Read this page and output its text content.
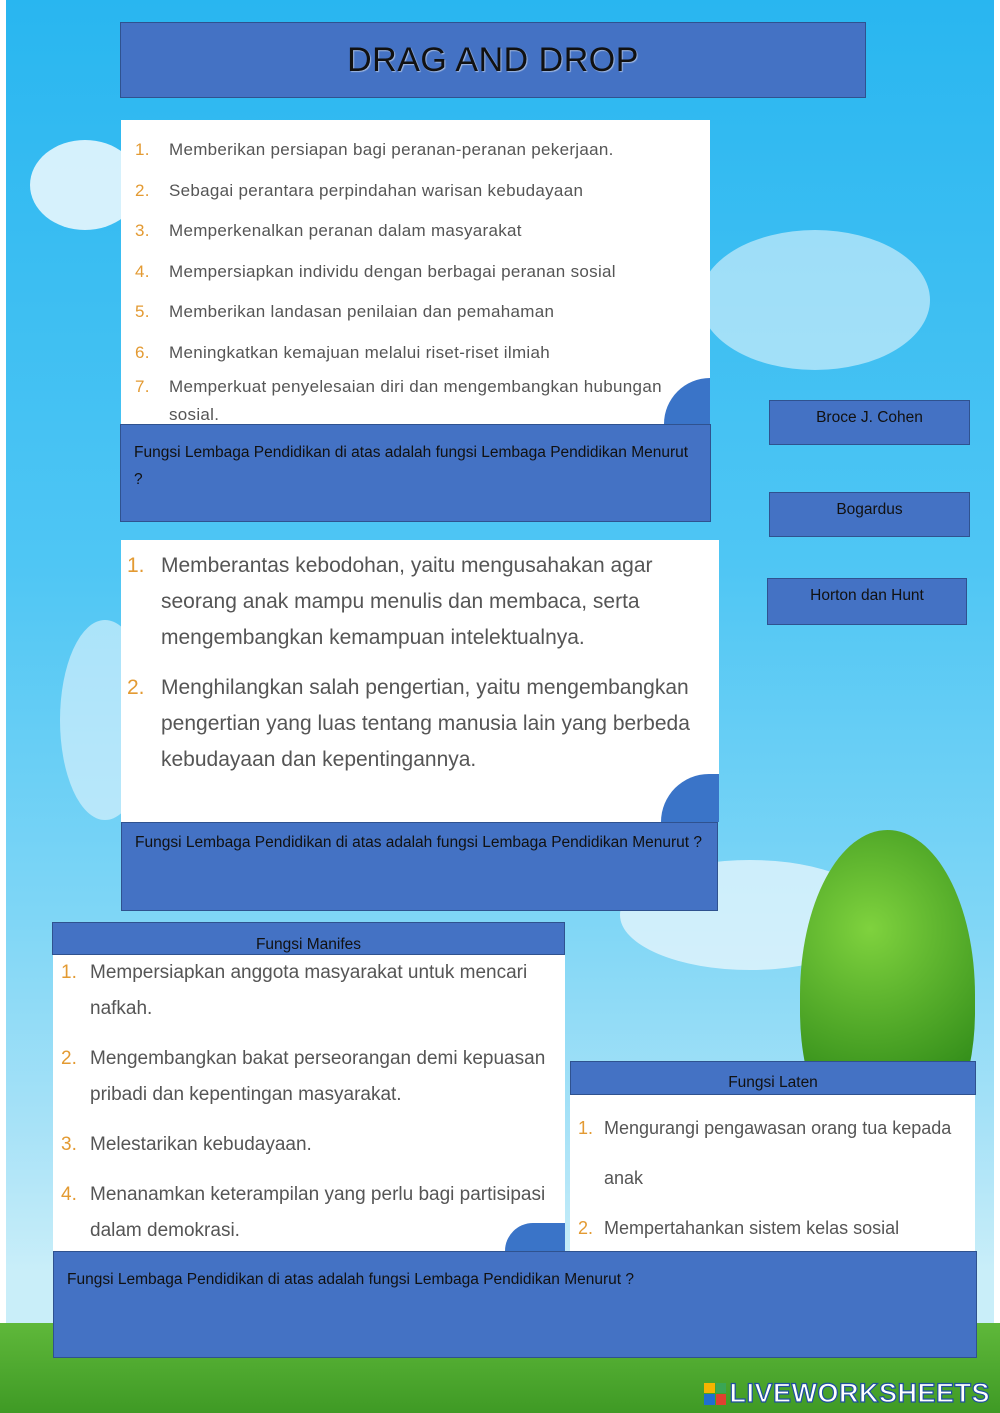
DRAG AND DROP
1.	Memberikan persiapan bagi peranan-peranan pekerjaan.
2.	Sebagai perantara perpindahan warisan kebudayaan
3.	Memperkenalkan peranan dalam masyarakat
4.	Mempersiapkan individu dengan berbagai peranan sosial
5.	Memberikan landasan penilaian dan pemahaman
6.	Meningkatkan kemajuan melalui riset-riset ilmiah
7.	Memperkuat penyelesaian diri dan mengembangkan hubungan sosial.
Fungsi Lembaga Pendidikan di atas adalah fungsi Lembaga Pendidikan Menurut ?
Broce J. Cohen
Bogardus
Horton dan Hunt
1. Memberantas kebodohan, yaitu mengusahakan agar seorang anak mampu menulis dan membaca, serta mengembangkan kemampuan intelektualnya.
2. Menghilangkan salah pengertian, yaitu mengembangkan pengertian yang luas tentang manusia lain yang berbeda kebudayaan dan kepentingannya.
Fungsi Lembaga Pendidikan di atas adalah fungsi Lembaga Pendidikan Menurut ?
1. Mempersiapkan anggota masyarakat untuk mencari nafkah.
2. Mengembangkan bakat perseorangan demi kepuasan pribadi dan kepentingan masyarakat.
3. Melestarikan kebudayaan.
4. Menanamkan keterampilan yang perlu bagi partisipasi dalam demokrasi.
Fungsi Manifes
1. Mengurangi pengawasan orang tua kepada anak
2. Mempertahankan sistem kelas sosial
Fungsi Laten
Fungsi Lembaga Pendidikan di atas adalah fungsi Lembaga Pendidikan Menurut ?
LIVEWORKSHEETS
